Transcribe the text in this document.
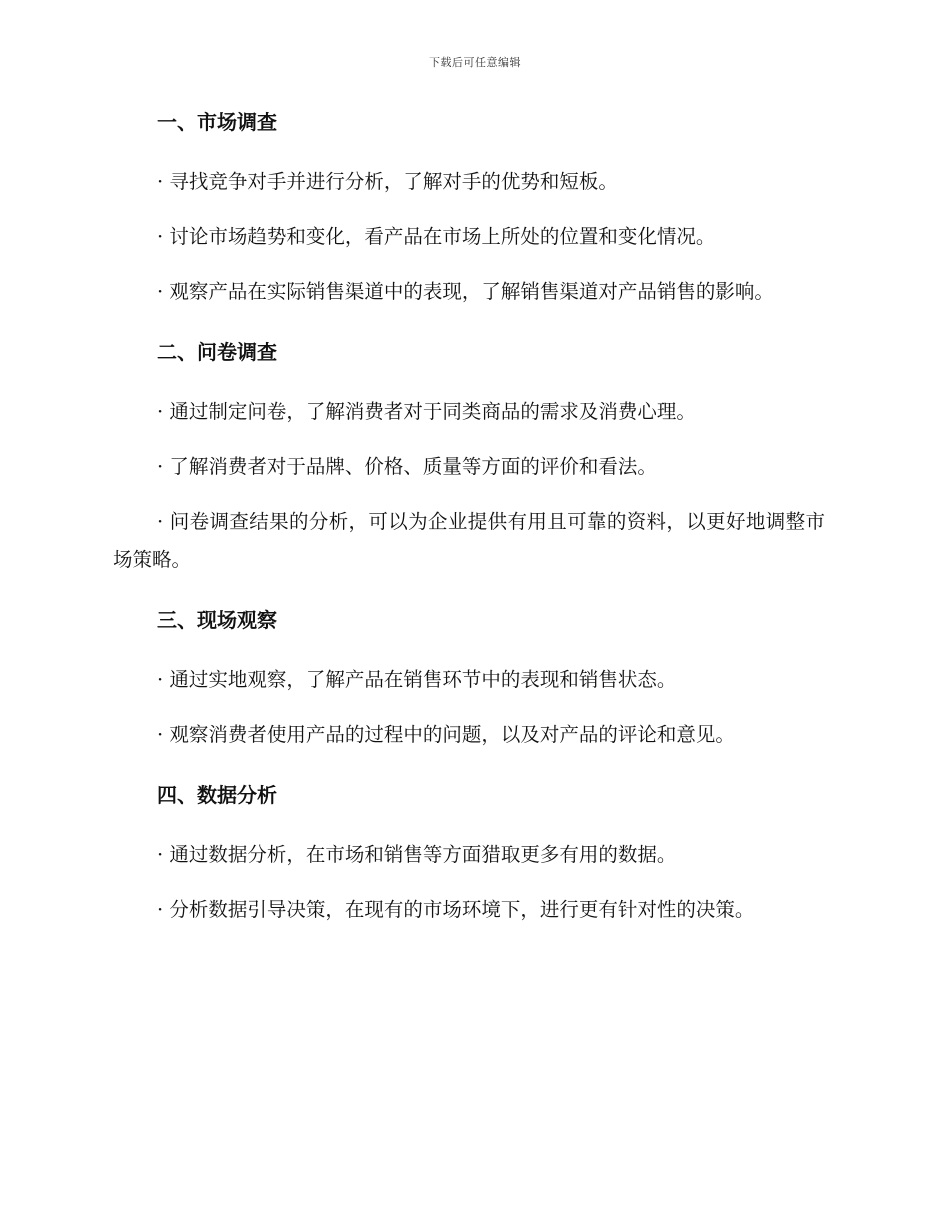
下载后可任意编辑
一、市场调查

· 寻找竞争对手并进行分析，了解对手的优势和短板。

· 讨论市场趋势和变化，看产品在市场上所处的位置和变化情况。

· 观察产品在实际销售渠道中的表现，了解销售渠道对产品销售的影响。

二、问卷调查

· 通过制定问卷，了解消费者对于同类商品的需求及消费心理。

· 了解消费者对于品牌、价格、质量等方面的评价和看法。

· 问卷调查结果的分析，可以为企业提供有用且可靠的资料，以更好地调整市场策略。

三、现场观察

· 通过实地观察，了解产品在销售环节中的表现和销售状态。

· 观察消费者使用产品的过程中的问题，以及对产品的评论和意见。

四、数据分析

· 通过数据分析，在市场和销售等方面猎取更多有用的数据。

· 分析数据引导决策，在现有的市场环境下，进行更有针对性的决策。
